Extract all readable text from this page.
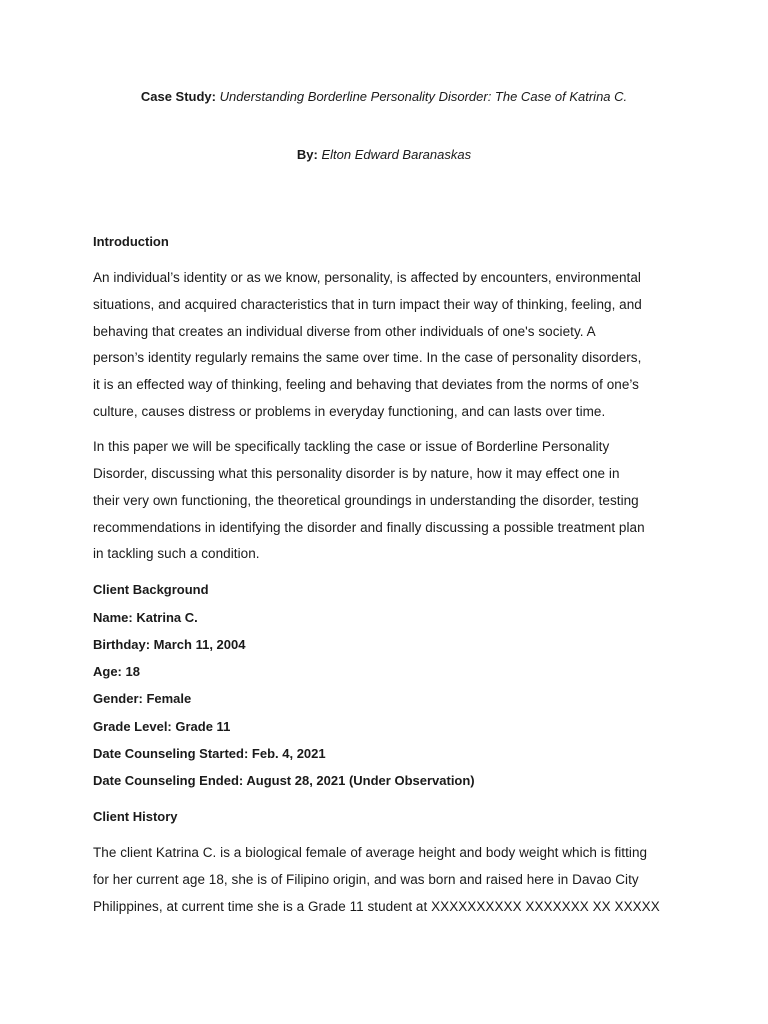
Case Study: Understanding Borderline Personality Disorder: The Case of Katrina C.
By: Elton Edward Baranaskas
Introduction
An individual’s identity or as we know, personality, is affected by encounters, environmental
situations, and acquired characteristics that in turn impact their way of thinking, feeling, and
behaving that creates an individual diverse from other individuals of one's society. A
person’s identity regularly remains the same over time. In the case of personality disorders,
it is an effected way of thinking, feeling and behaving that deviates from the norms of one’s
culture, causes distress or problems in everyday functioning, and can lasts over time.
In this paper we will be specifically tackling the case or issue of Borderline Personality
Disorder, discussing what this personality disorder is by nature, how it may effect one in
their very own functioning, the theoretical groundings in understanding the disorder, testing
recommendations in identifying the disorder and finally discussing a possible treatment plan
in tackling such a condition.
Client Background
Name: Katrina C.
Birthday: March 11, 2004
Age: 18
Gender: Female
Grade Level: Grade 11
Date Counseling Started: Feb. 4, 2021
Date Counseling Ended: August 28, 2021 (Under Observation)
Client History
The client Katrina C. is a biological female of average height and body weight which is fitting
for her current age 18, she is of Filipino origin, and was born and raised here in Davao City
Philippines, at current time she is a Grade 11 student at XXXXXXXXXX XXXXXXX XX XXXXX
